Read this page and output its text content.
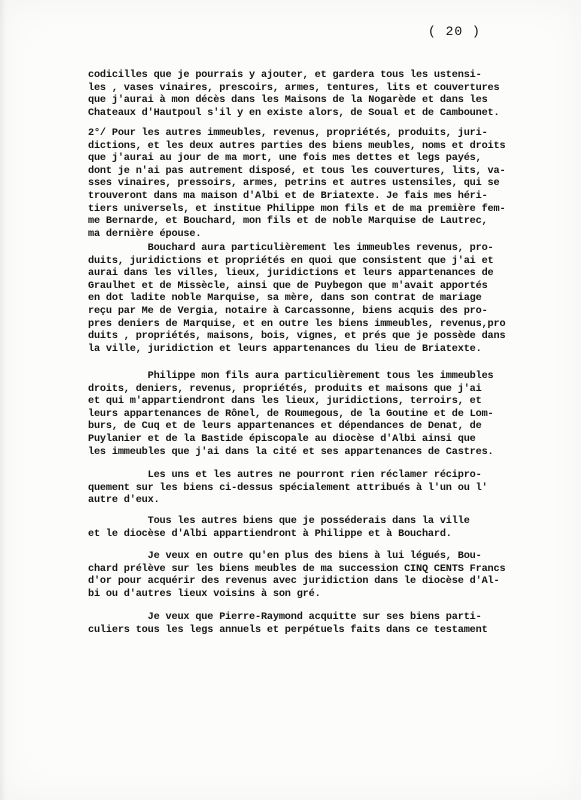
( 20 )
codicilles que je pourrais y ajouter, et gardera tous les ustensi-
les , vases vinaires, prescoirs, armes, tentures, lits et couvertures
que j'aurai à mon décès dans les Maisons de la Nogarède et dans les
Chateaux d'Hautpoul s'il y en existe alors, de Soual et de Cambounet.
2°/ Pour les autres immeubles, revenus, propriétés, produits, juri-
dictions, et les deux autres parties des biens meubles, noms et droits
que j'aurai au jour de ma mort, une fois mes dettes et legs payés,
dont je n'ai pas autrement disposé, et tous les couvertures, lits, va-
sses vinaires, pressoirs, armes, petrins et autres ustensiles, qui se
trouveront dans ma maison d'Albi et de Briatexte. Je fais mes héri-
tiers universels, et institue Philippe mon fils et de ma première fem-
me Bernarde, et Bouchard, mon fils et de noble Marquise de Lautrec,
ma dernière épouse.
Bouchard aura particulièrement les immeubles revenus, pro-
duits, juridictions et propriétés en quoi que consistent que j'ai et
aurai dans les villes, lieux, juridictions et leurs appartenances de
Graulhet et de Missècle, ainsi que de Puybegon que m'avait apportés
en dot ladite noble Marquise, sa mère, dans son contrat de mariage
reçu par Me de Vergia, notaire à Carcassonne, biens acquis des pro-
pres deniers de Marquise, et en outre les biens immeubles, revenus,pro
duits , propriétés, maisons, bois, vignes, et prés que je possède dans
la ville, juridiction et leurs appartenances du lieu de Briatexte.
Philippe mon fils aura particulièrement tous les immeubles
droits, deniers, revenus, propriétés, produits et maisons que j'ai
et qui m'appartiendront dans les lieux, juridictions, terroirs, et
leurs appartenances de Rônel, de Roumegous, de la Goutine et de Lom-
burs, de Cuq et de leurs appartenances et dépendances de Denat, de
Puylanier et de la Bastide épiscopale au diocèse d'Albi ainsi que
les immeubles que j'ai dans la cité et ses appartenances de Castres.
Les uns et les autres ne pourront rien réclamer récipro-
quement sur les biens ci-dessus spécialement attribués à l'un ou l'
autre d'eux.
Tous les autres biens que je posséderais dans la ville
et le diocèse d'Albi appartiendront à Philippe et à Bouchard.
Je veux en outre qu'en plus des biens à lui légués, Bou-
chard prélève sur les biens meubles de ma succession CINQ CENTS Francs
d'or pour acquérir des revenus avec juridiction dans le diocèse d'Al-
bi ou d'autres lieux voisins à son gré.
Je veux que Pierre-Raymond acquitte sur ses biens parti-
culiers tous les legs annuels et perpétuels faits dans ce testament
